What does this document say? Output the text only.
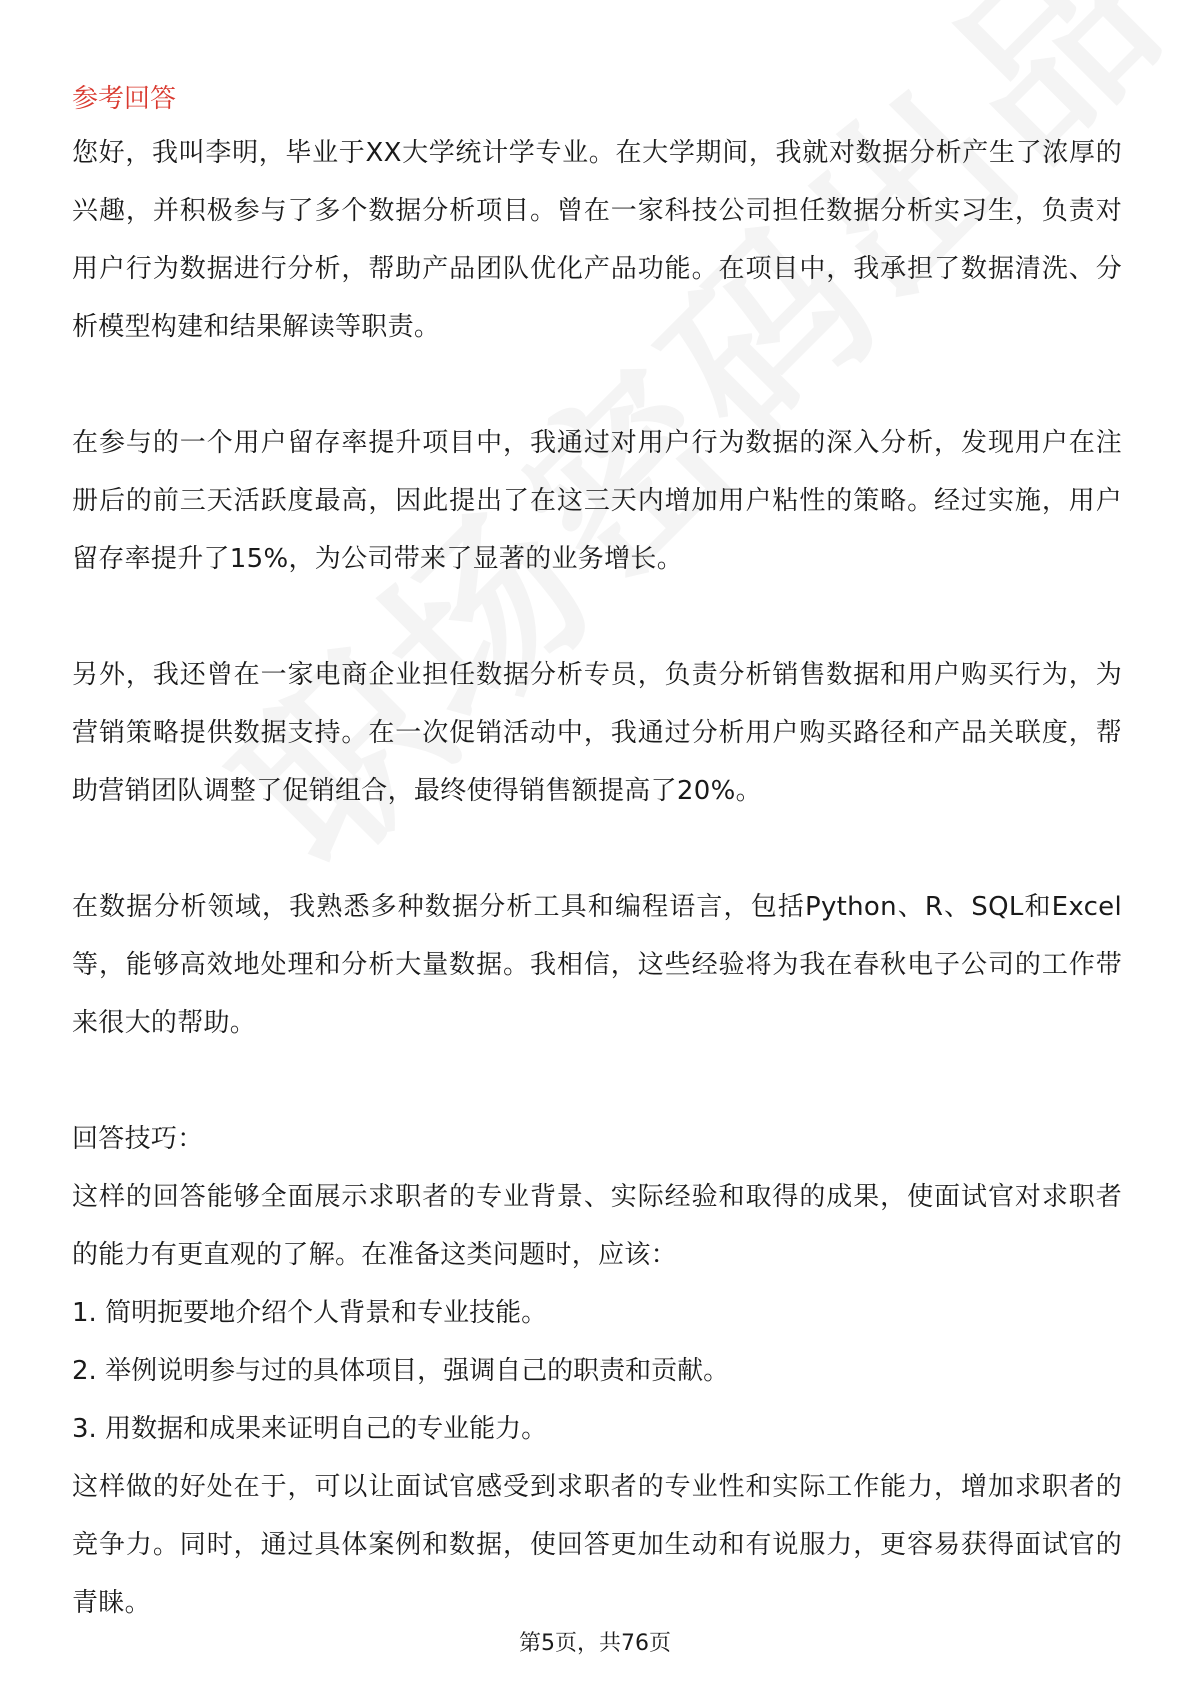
参考回答

您好，我叫李明，毕业于XX大学统计学专业。在大学期间，我就对数据分析产生了浓厚的兴趣，并积极参与了多个数据分析项目。曾在一家科技公司担任数据分析实习生，负责对用户行为数据进行分析，帮助产品团队优化产品功能。在项目中，我承担了数据清洗、分析模型构建和结果解读等职责。

在参与的一个用户留存率提升项目中，我通过对用户行为数据的深入分析，发现用户在注册后的前三天活跃度最高，因此提出了在这三天内增加用户粘性的策略。经过实施，用户留存率提升了15%，为公司带来了显著的业务增长。

另外，我还曾在一家电商企业担任数据分析专员，负责分析销售数据和用户购买行为，为营销策略提供数据支持。在一次促销活动中，我通过分析用户购买路径和产品关联度，帮助营销团队调整了促销组合，最终使得销售额提高了20%。

在数据分析领域，我熟悉多种数据分析工具和编程语言，包括Python、R、SQL和Excel等，能够高效地处理和分析大量数据。我相信，这些经验将为我在春秋电子公司的工作带来很大的帮助。

回答技巧：

这样的回答能够全面展示求职者的专业背景、实际经验和取得的成果，使面试官对求职者的能力有更直观的了解。在准备这类问题时，应该：

1. 简明扼要地介绍个人背景和专业技能。

2. 举例说明参与过的具体项目，强调自己的职责和贡献。

3. 用数据和成果来证明自己的专业能力。

这样做的好处在于，可以让面试官感受到求职者的专业性和实际工作能力，增加求职者的竞争力。同时，通过具体案例和数据，使回答更加生动和有说服力，更容易获得面试官的青睐。

第5页，共76页
